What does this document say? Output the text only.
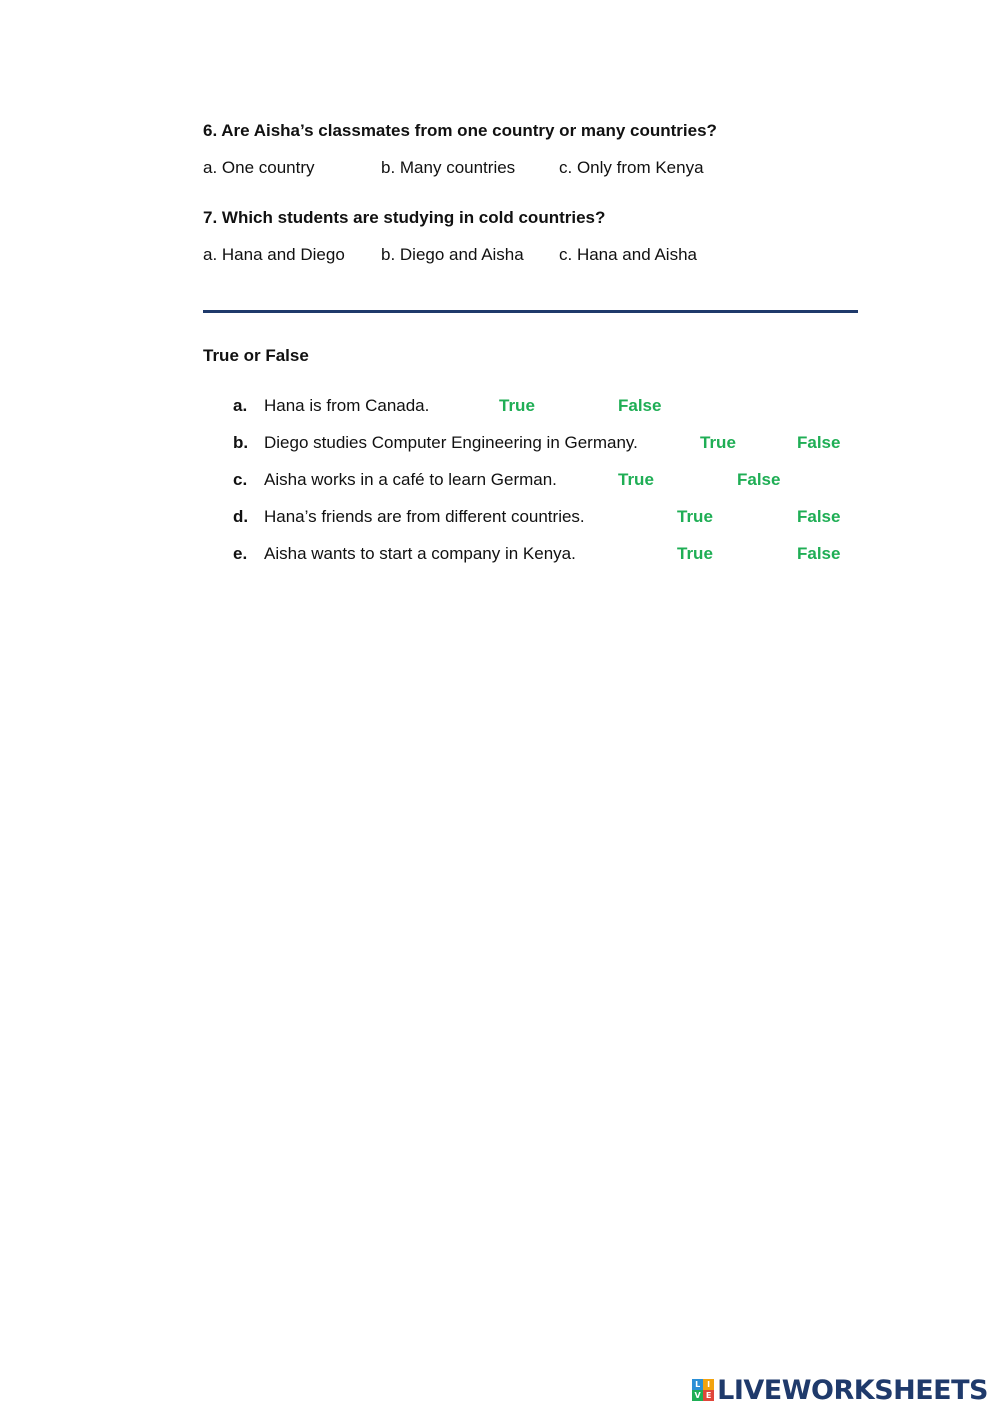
6. Are Aisha’s classmates from one country or many countries?
a. One country	b. Many countries	c. Only from Kenya
7. Which students are studying in cold countries?
a. Hana and Diego b. Diego and Aisha c. Hana and Aisha
True or False
a. Hana is from Canada.	True	False
b. Diego studies Computer Engineering in Germany.	True	False
c. Aisha works in a café to learn German.	True	False
d. Hana’s friends are from different countries.	True	False
e. Aisha wants to start a company in Kenya.	True	False
L I
V E LIVEWORKSHEETS
